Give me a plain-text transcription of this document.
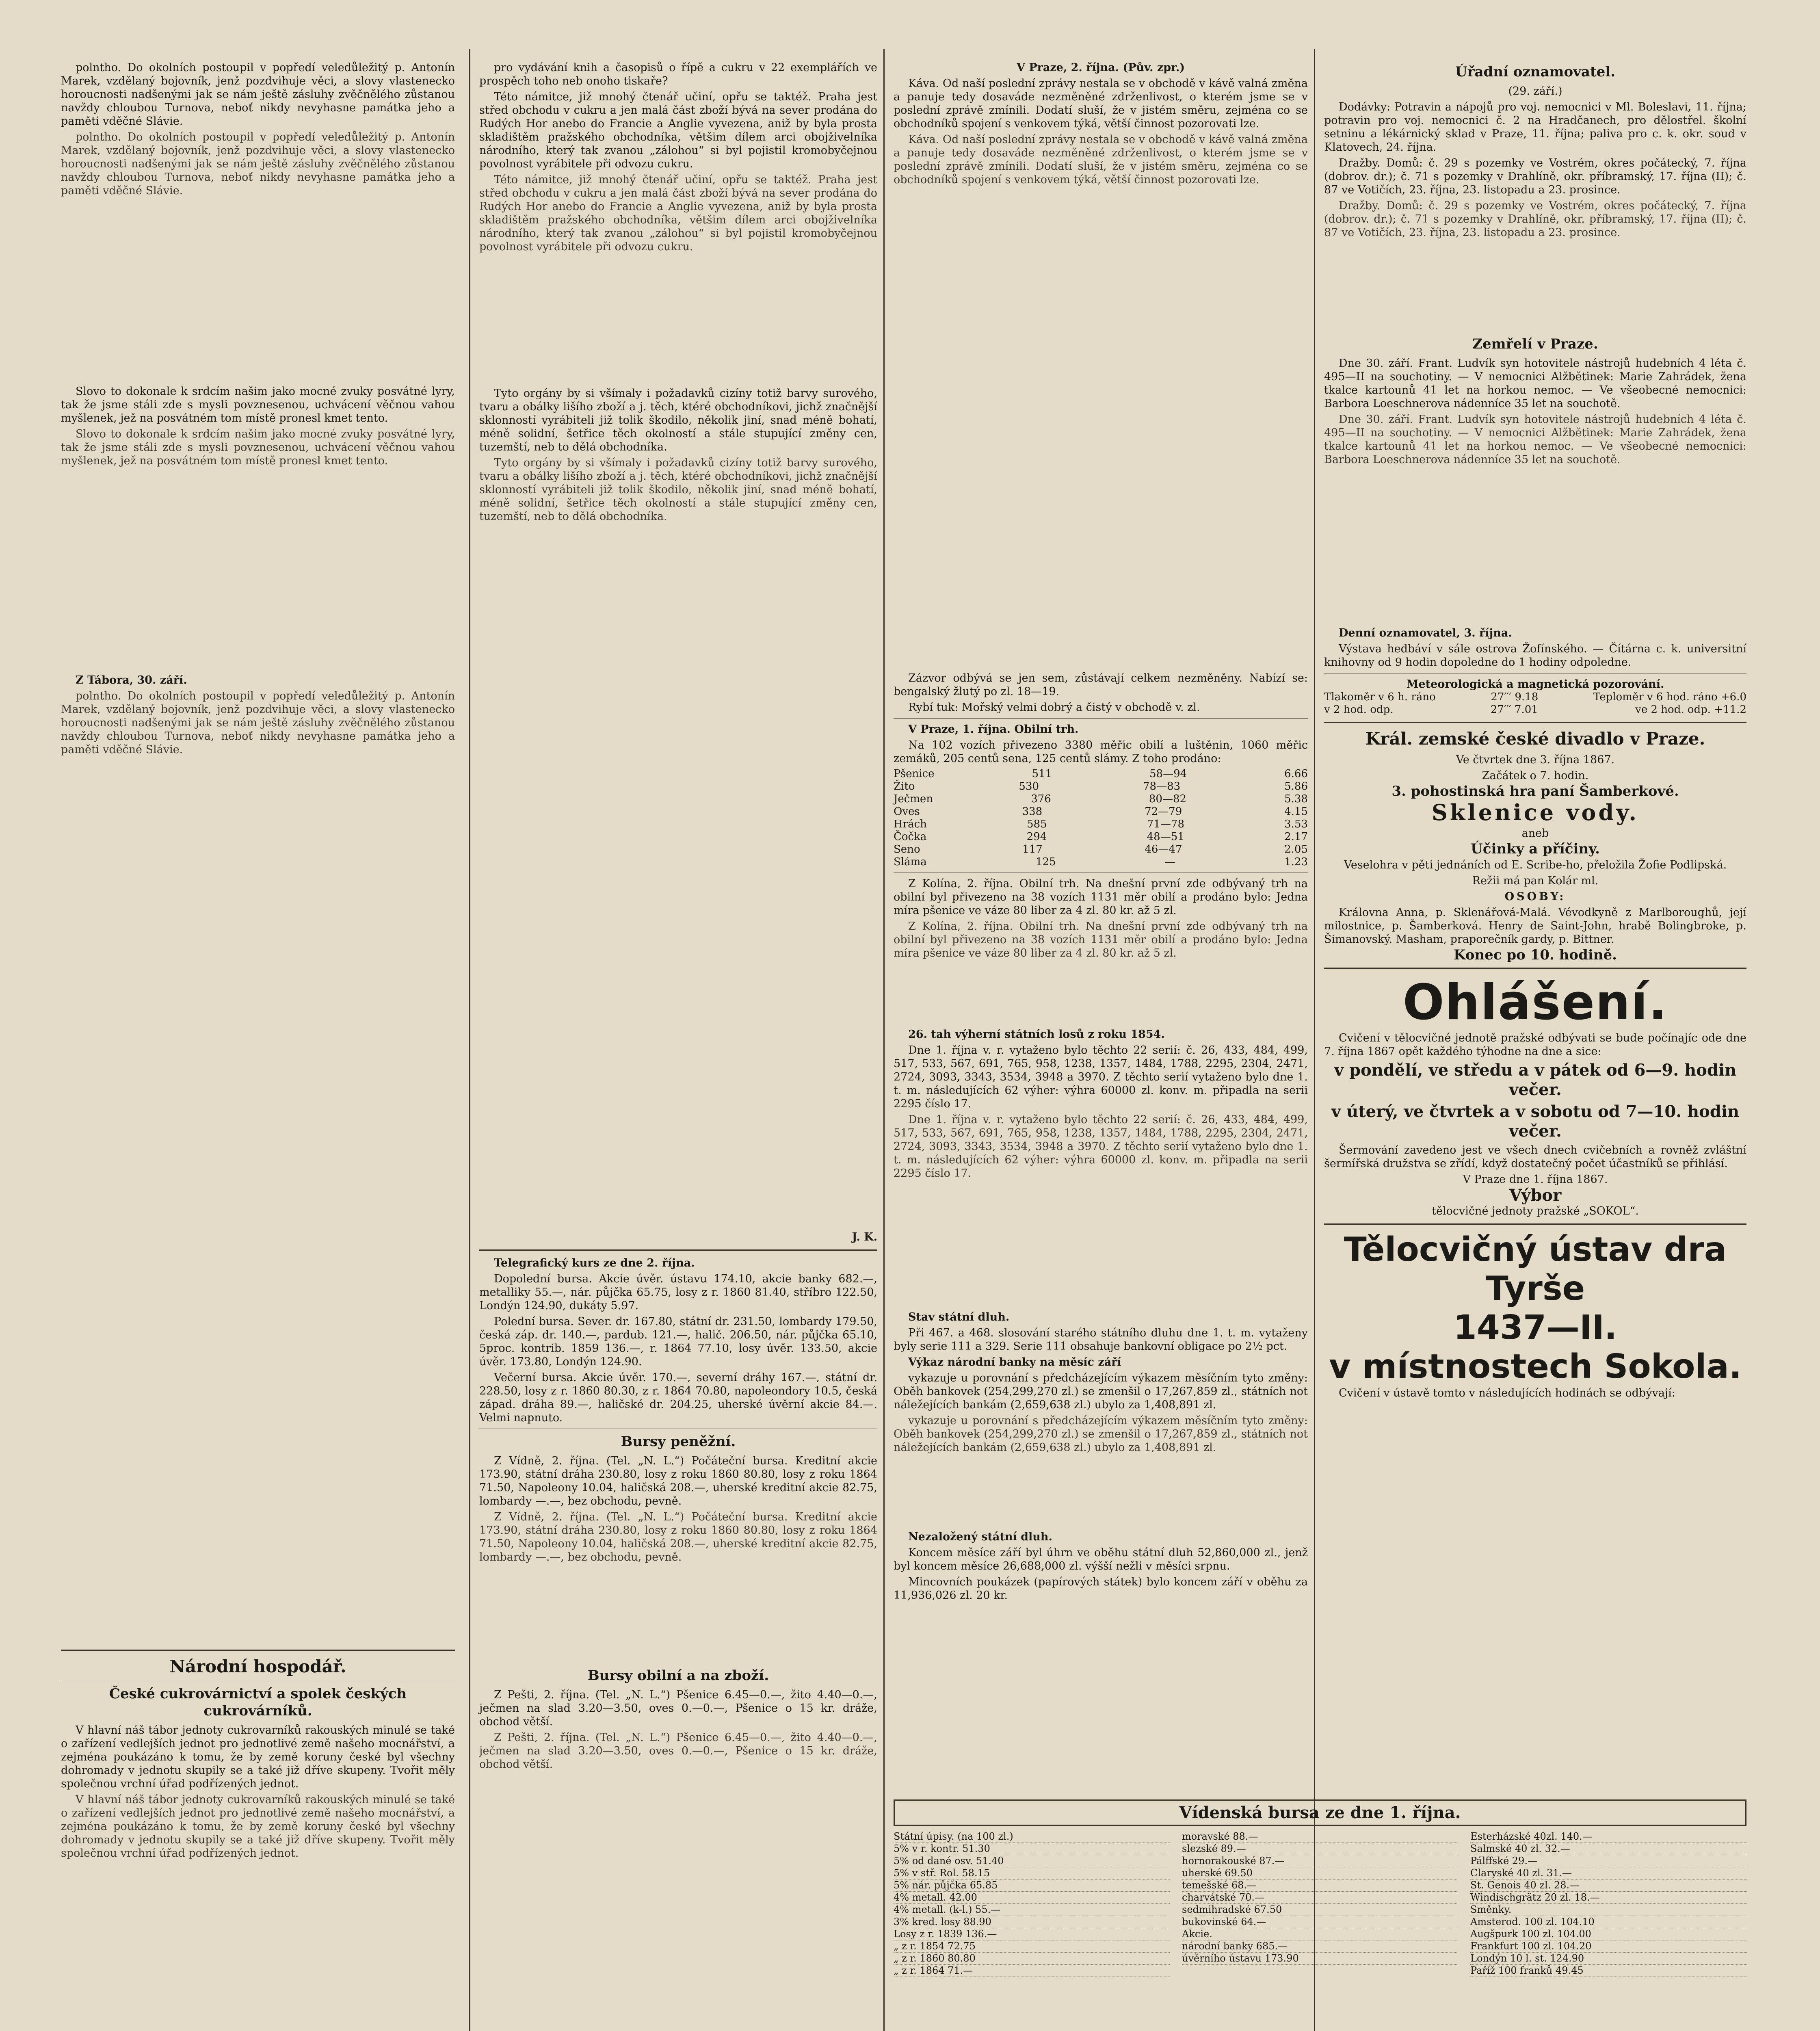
polntho. Do okolních postoupil v popředí veledůležitý p. Antonín Marek, vzdělaný bojovník, jenž pozdvihuje věci, a slovy vlastenecko horoucnosti nadšenými jak se nám ještě zásluhy zvěčnělého zůstanou navždy chloubou Turnova, neboť nikdy nevyhasne památka jeho a paměti vděčné Slávie.

polntho. Do okolních postoupil v popředí veledůležitý p. Antonín Marek, vzdělaný bojovník, jenž pozdvihuje věci, a slovy vlastenecko horoucnosti nadšenými jak se nám ještě zásluhy zvěčnělého zůstanou navždy chloubou Turnova, neboť nikdy nevyhasne památka jeho a paměti vděčné Slávie.

Slovo to dokonale k srdcím našim jako mocné zvuky posvátné lyry, tak že jsme stáli zde s mysli povznesenou, uchvácení věčnou vahou myšlenek, jež na posvátném tom místě pronesl kmet tento.

Slovo to dokonale k srdcím našim jako mocné zvuky posvátné lyry, tak že jsme stáli zde s mysli povznesenou, uchvácení věčnou vahou myšlenek, jež na posvátném tom místě pronesl kmet tento.

Z Tábora, 30. září.

polntho. Do okolních postoupil v popředí veledůležitý p. Antonín Marek, vzdělaný bojovník, jenž pozdvihuje věci, a slovy vlastenecko horoucnosti nadšenými jak se nám ještě zásluhy zvěčnělého zůstanou navždy chloubou Turnova, neboť nikdy nevyhasne památka jeho a paměti vděčné Slávie.

Národní hospodář.
České cukrovárnictví a spolek českých cukrovárníků.

V hlavní náš tábor jednoty cukrovarníků rakouských minulé se také o zařízení vedlejších jednot pro jednotlivé země našeho mocnářství, a zejména poukázáno k tomu, že by země koruny české byl všechny dohromady v jednotu skupily se a také již dříve skupeny. Tvořit měly společnou vrchní úřad podřízených jednot.

V hlavní náš tábor jednoty cukrovarníků rakouských minulé se také o zařízení vedlejších jednot pro jednotlivé země našeho mocnářství, a zejména poukázáno k tomu, že by země koruny české byl všechny dohromady v jednotu skupily se a také již dříve skupeny. Tvořit měly společnou vrchní úřad podřízených jednot.

pro vydávání knih a časopisů o řípě a cukru v 22 exemplářích ve prospěch toho neb onoho tiskaře?

Této námitce, již mnohý čtenář učiní, opřu se taktéž. Praha jest střed obchodu v cukru a jen malá část zboží bývá na sever prodána do Rudých Hor anebo do Francie a Anglie vyvezena, aniž by byla prosta skladištěm pražského obchodníka, většim dílem arci obojživelníka národního, který tak zvanou „zálohou“ si byl pojistil kromobyčejnou povolnost vyrábitele při odvozu cukru.

Této námitce, již mnohý čtenář učiní, opřu se taktéž. Praha jest střed obchodu v cukru a jen malá část zboží bývá na sever prodána do Rudých Hor anebo do Francie a Anglie vyvezena, aniž by byla prosta skladištěm pražského obchodníka, většim dílem arci obojživelníka národního, který tak zvanou „zálohou“ si byl pojistil kromobyčejnou povolnost vyrábitele při odvozu cukru.

Tyto orgány by si všímaly i požadavků cizíny totiž barvy surového, tvaru a obálky lišího zboží a j. těch, ktéré obchodníkovi, jichž značnější sklonností vyrábiteli již tolik škodilo, několik jiní, snad méně bohatí, méně solidní, šetřice těch okolností a stále stupující změny cen, tuzemští, neb to dělá obchodníka.

Tyto orgány by si všímaly i požadavků cizíny totiž barvy surového, tvaru a obálky lišího zboží a j. těch, ktéré obchodníkovi, jichž značnější sklonností vyrábiteli již tolik škodilo, několik jiní, snad méně bohatí, méně solidní, šetřice těch okolností a stále stupující změny cen, tuzemští, neb to dělá obchodníka.

J. K.

Telegrafický kurs ze dne 2. října.

Dopolední bursa. Akcie úvěr. ústavu 174.10, akcie banky 682.—, metalliky 55.—, nár. půjčka 65.75, losy z r. 1860 81.40, stříbro 122.50, Londýn 124.90, dukáty 5.97.

Polední bursa. Sever. dr. 167.80, státní dr. 231.50, lombardy 179.50, česká záp. dr. 140.—, pardub. 121.—, halič. 206.50, nár. půjčka 65.10, 5proc. kontrib. 1859 136.—, r. 1864 77.10, losy úvěr. 133.50, akcie úvěr. 173.80, Londýn 124.90.

Večerní bursa. Akcie úvěr. 170.—, severní dráhy 167.—, státní dr. 228.50, losy z r. 1860 80.30, z r. 1864 70.80, napoleondory 10.5, česká západ. dráha 89.—, haličské dr. 204.25, uherské úvěrní akcie 84.—. Velmi napnuto.

Bursy peněžní.

Z Vídně, 2. října. (Tel. „N. L.“) Počáteční bursa. Kreditní akcie 173.90, státní dráha 230.80, losy z roku 1860 80.80, losy z roku 1864 71.50, Napoleony 10.04, haličská 208.—, uherské kreditní akcie 82.75, lombardy —.—, bez obchodu, pevně.

Z Vídně, 2. října. (Tel. „N. L.“) Počáteční bursa. Kreditní akcie 173.90, státní dráha 230.80, losy z roku 1860 80.80, losy z roku 1864 71.50, Napoleony 10.04, haličská 208.—, uherské kreditní akcie 82.75, lombardy —.—, bez obchodu, pevně.

Bursy obilní a na zboží.

Z Pešti, 2. října. (Tel. „N. L.“) Pšenice 6.45—0.—, žito 4.40—0.—, ječmen na slad 3.20—3.50, oves 0.—0.—, Pšenice o 15 kr. dráže, obchod větší.

Z Pešti, 2. října. (Tel. „N. L.“) Pšenice 6.45—0.—, žito 4.40—0.—, ječmen na slad 3.20—3.50, oves 0.—0.—, Pšenice o 15 kr. dráže, obchod větší.

V Praze, 2. října. (Pův. zpr.)

Káva. Od naší poslední zprávy nestala se v obchodě v kávě valná změna a panuje tedy dosaváde nezměněné zdrženlivost, o kterém jsme se v poslední zprávě zmínili. Dodatí sluší, že v jistém směru, zejména co se obchodníků spojení s venkovem týká, větší činnost pozorovati lze.

Káva. Od naší poslední zprávy nestala se v obchodě v kávě valná změna a panuje tedy dosaváde nezměněné zdrženlivost, o kterém jsme se v poslední zprávě zmínili. Dodatí sluší, že v jistém směru, zejména co se obchodníků spojení s venkovem týká, větší činnost pozorovati lze.

Zázvor odbývá se jen sem, zůstávají celkem nezměněny. Nabízí se: bengalský žlutý po zl. 18—19.

Rybí tuk: Mořský velmi dobrý a čistý v obchodě v. zl.

V Praze, 1. října. Obilní trh.

Na 102 vozích přivezeno 3380 měřic obilí a luštěnin, 1060 měřic zemáků, 205 centů sena, 125 centů slámy. Z toho prodáno:

Pšenice	511	58—94	6.66
Žito	530	78—83	5.86
Ječmen	376	80—82	5.38
Oves	338	72—79	4.15
Hrách	585	71—78	3.53
Čočka	294	48—51	2.17
Seno	117	46—47	2.05
Sláma	125	—	1.23

Z Kolína, 2. října. Obilní trh. Na dnešní první zde odbývaný trh na obilní byl přivezeno na 38 vozích 1131 měr obilí a prodáno bylo: Jedna míra pšenice ve váze 80 liber za 4 zl. 80 kr. až 5 zl.

Z Kolína, 2. října. Obilní trh. Na dnešní první zde odbývaný trh na obilní byl přivezeno na 38 vozích 1131 měr obilí a prodáno bylo: Jedna míra pšenice ve váze 80 liber za 4 zl. 80 kr. až 5 zl.

26. tah výherní státních losů z roku 1854.

Dne 1. října v. r. vytaženo bylo těchto 22 serií: č. 26, 433, 484, 499, 517, 533, 567, 691, 765, 958, 1238, 1357, 1484, 1788, 2295, 2304, 2471, 2724, 3093, 3343, 3534, 3948 a 3970. Z těchto serií vytaženo bylo dne 1. t. m. následujících 62 výher: výhra 60000 zl. konv. m. připadla na serii 2295 číslo 17.

Dne 1. října v. r. vytaženo bylo těchto 22 serií: č. 26, 433, 484, 499, 517, 533, 567, 691, 765, 958, 1238, 1357, 1484, 1788, 2295, 2304, 2471, 2724, 3093, 3343, 3534, 3948 a 3970. Z těchto serií vytaženo bylo dne 1. t. m. následujících 62 výher: výhra 60000 zl. konv. m. připadla na serii 2295 číslo 17.

Stav státní dluh.

Při 467. a 468. slosování starého státního dluhu dne 1. t. m. vytaženy byly serie 111 a 329. Serie 111 obsahuje bankovní obligace po 2½ pct.

Výkaz národní banky na měsíc září

vykazuje u porovnání s předcházejícím výkazem měsíčním tyto změny: Oběh bankovek (254,299,270 zl.) se zmenšil o 17,267,859 zl., státních not náležejících bankám (2,659,638 zl.) ubylo za 1,408,891 zl.

vykazuje u porovnání s předcházejícím výkazem měsíčním tyto změny: Oběh bankovek (254,299,270 zl.) se zmenšil o 17,267,859 zl., státních not náležejících bankám (2,659,638 zl.) ubylo za 1,408,891 zl.

Nezaložený státní dluh.

Koncem měsíce září byl úhrn ve oběhu státní dluh 52,860,000 zl., jenž byl koncem měsíce 26,688,000 zl. výšší nežli v měsíci srpnu.

Mincovních poukázek (papírových státek) bylo koncem září v oběhu za 11,936,026 zl. 20 kr.

Úřadní oznamovatel.

(29. září.)

Dodávky: Potravin a nápojů pro voj. nemocnici v Ml. Boleslavi, 11. října; potravin pro voj. nemocnici č. 2 na Hradčanech, pro dělostřel. školní setninu a lékárnický sklad v Praze, 11. října; paliva pro c. k. okr. soud v Klatovech, 24. října.

Dražby. Domů: č. 29 s pozemky ve Vostrém, okres počátecký, 7. října (dobrov. dr.); č. 71 s pozemky v Drahlíně, okr. příbramský, 17. října (II); č. 87 ve Votičích, 23. října, 23. listopadu a 23. prosince.

Dražby. Domů: č. 29 s pozemky ve Vostrém, okres počátecký, 7. října (dobrov. dr.); č. 71 s pozemky v Drahlíně, okr. příbramský, 17. října (II); č. 87 ve Votičích, 23. října, 23. listopadu a 23. prosince.

Zemřelí v Praze.

Dne 30. září. Frant. Ludvík syn hotovitele nástrojů hudebních 4 léta č. 495—II na souchotiny. — V nemocnici Alžbětinek: Marie Zahrádek, žena tkalce kartounů 41 let na horkou nemoc. — Ve všeobecné nemocnici: Barbora Loeschnerova nádenníce 35 let na souchotě.

Dne 30. září. Frant. Ludvík syn hotovitele nástrojů hudebních 4 léta č. 495—II na souchotiny. — V nemocnici Alžbětinek: Marie Zahrádek, žena tkalce kartounů 41 let na horkou nemoc. — Ve všeobecné nemocnici: Barbora Loeschnerova nádenníce 35 let na souchotě.

Denní oznamovatel, 3. října.

Výstava hedbáví v sále ostrova Žofínského. — Čítárna c. k. universitní knihovny od 9 hodin dopoledne do 1 hodiny odpoledne.

Meteorologická a magnetická pozorování.
Tlakoměr v 6 h. ráno	27′′′ 9.18	Teploměr v 6 hod. ráno +6.0
v 2 hod. odp.	27′′′ 7.01	ve 2 hod. odp. +11.2
Král. zemské české divadlo v Praze.

Ve čtvrtek dne 3. října 1867.

Začátek o 7. hodin.

3. pohostinská hra paní Šamberkové.

Sklenice vody.

aneb

Účinky a příčiny.

Veselohra v pěti jednáních od E. Scribe-ho, přeložila Žofie Podlipská.

Režii má pan Kolár ml.

OSOBY:

Královna Anna, p. Sklenářová-Malá. Vévodkyně z Marlboroughů, její milostnice, p. Šamberková. Henry de Saint-John, hrabě Bolingbroke, p. Šimanovský. Masham, praporečník gardy, p. Bittner.

Konec po 10. hodině.

Ohlášení.

Cvičení v tělocvičné jednotě pražské odbývati se bude počínajíc ode dne 7. října 1867 opět každého týhodne na dne a sice:

v pondělí, ve středu a v pátek od 6—9. hodin večer.

v úterý, ve čtvrtek a v sobotu od 7—10. hodin večer.

Šermování zavedeno jest ve všech dnech cvičebních a rovněž zvláštní šermířská družstva se zřídí, když dostatečný počet účastníků se přihlásí.

V Praze dne 1. října 1867.

Výbor

tělocvičné jednoty pražské „SOKOL“.

Tělocvičný ústav dra Tyrše
1437—II.
v místnostech Sokola.

Cvičení v ústavě tomto v následujících hodinách se odbývají:

Vídenská bursa ze dne 1. října.
Státní úpisy. (na 100 zl.)
5% v r. kontr. 51.30
5% od dané osv. 51.40
5% v stř. Rol. 58.15
5% nár. půjčka 65.85
4% metall. 42.00
4% metall. (k-l.) 55.—
3% kred. losy 88.90
Losy z r. 1839 136.—
„ z r. 1854 72.75
„ z r. 1860 80.80
„ z r. 1864 71.—
moravské 88.—
slezské 89.—
hornorakouské 87.—
uherské 69.50
temešské 68.—
charvátské 70.—
sedmihradské 67.50
bukovinské 64.—
Akcie.
národní banky 685.—
úvěrního ústavu 173.90
Esterházské 40zl. 140.—
Salmské 40 zl. 32.—
Pálffské 29.—
Claryské 40 zl. 31.—
St. Genois 40 zl. 28.—
Windischgrätz 20 zl. 18.—
Směnky.
Amsterod. 100 zl. 104.10
Augšpurk 100 zl. 104.00
Frankfurt 100 zl. 104.20
Londýn 10 l. st. 124.90
Paříž 100 franků 49.45
